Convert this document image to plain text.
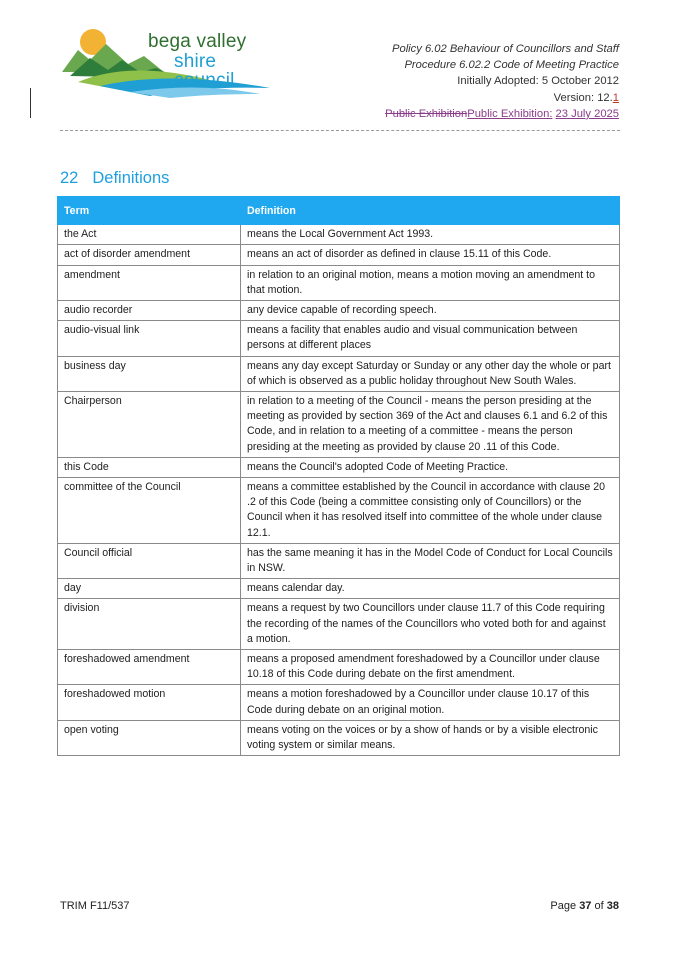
bega valley
shire council
Policy 6.02 Behaviour of Councillors and Staff
Procedure 6.02.2 Code of Meeting Practice
Initially Adopted: 5 October 2012
Version: 12.1
Public ExhibitionPublic Exhibition: 23 July 2025
22 Definitions
Term	Definition
the Act	means the Local Government Act 1993.
act of disorder amendment	means an act of disorder as defined in clause 15.11 of this Code.
amendment	in relation to an original motion, means a motion moving an amendment to that motion.
audio recorder	any device capable of recording speech.
audio-visual link	means a facility that enables audio and visual communication between persons at different places
business day	means any day except Saturday or Sunday or any other day the whole or part of which is observed as a public holiday throughout New South Wales.
Chairperson	in relation to a meeting of the Council - means the person presiding at the meeting as provided by section 369 of the Act and clauses 6.1 and 6.2 of this Code, and in relation to a meeting of a committee - means the person presiding at the meeting as provided by clause 20 .11 of this Code.
this Code	means the Council's adopted Code of Meeting Practice.
committee of the Council	means a committee established by the Council in accordance with clause 20 .2 of this Code (being a committee consisting only of Councillors) or the Council when it has resolved itself into committee of the whole under clause 12.1.
Council official	has the same meaning it has in the Model Code of Conduct for Local Councils in NSW.
day	means calendar day.
division	means a request by two Councillors under clause 11.7 of this Code requiring the recording of the names of the Councillors who voted both for and against a motion.
foreshadowed amendment	means a proposed amendment foreshadowed by a Councillor under clause 10.18 of this Code during debate on the first amendment.
foreshadowed motion	means a motion foreshadowed by a Councillor under clause 10.17 of this Code during debate on an original motion.
open voting	means voting on the voices or by a show of hands or by a visible electronic voting system or similar means.
TRIM F11/537	Page 37 of 38
